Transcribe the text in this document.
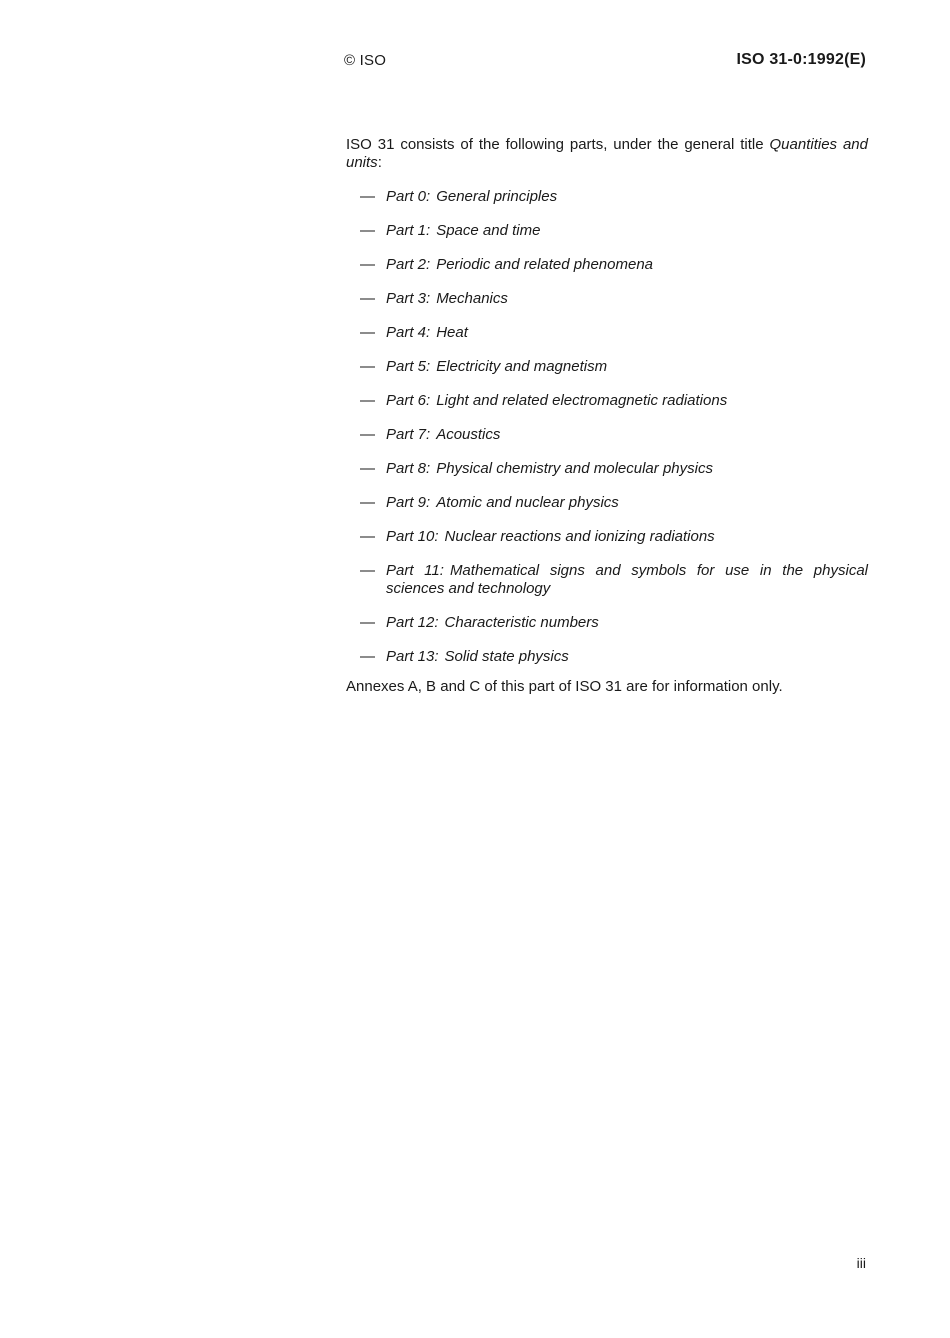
© ISO	ISO 31-0:1992(E)

ISO 31 consists of the following parts, under the general title Quantities and units:

— Part 0: General principles
— Part 1: Space and time
— Part 2: Periodic and related phenomena
— Part 3: Mechanics
— Part 4: Heat
— Part 5: Electricity and magnetism
— Part 6: Light and related electromagnetic radiations
— Part 7: Acoustics
— Part 8: Physical chemistry and molecular physics
— Part 9: Atomic and nuclear physics
— Part 10: Nuclear reactions and ionizing radiations
— Part 11: Mathematical signs and symbols for use in the physical sciences and technology
— Part 12: Characteristic numbers
— Part 13: Solid state physics

Annexes A, B and C of this part of ISO 31 are for information only.

iii
